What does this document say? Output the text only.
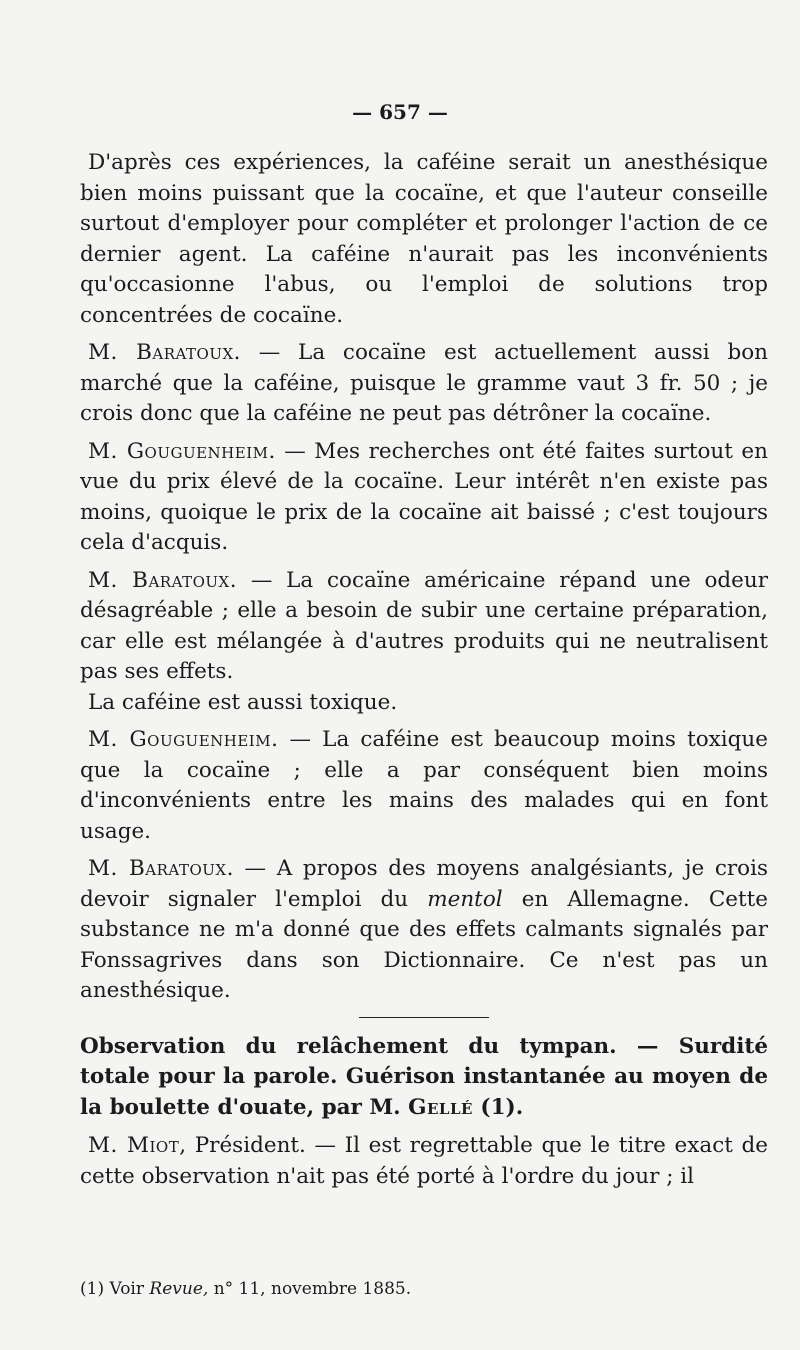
— 657 —

D'après ces expériences, la caféine serait un anesthésique bien moins puissant que la cocaïne, et que l'auteur conseille surtout d'employer pour compléter et prolonger l'action de ce dernier agent. La caféine n'aurait pas les inconvénients qu'occasionne l'abus, ou l'emploi de solutions trop concentrées de cocaïne.

M. Baratoux. — La cocaïne est actuellement aussi bon marché que la caféine, puisque le gramme vaut 3 fr. 50 ; je crois donc que la caféine ne peut pas détrôner la cocaïne.

M. Gouguenheim. — Mes recherches ont été faites surtout en vue du prix élevé de la cocaïne. Leur intérêt n'en existe pas moins, quoique le prix de la cocaïne ait baissé ; c'est toujours cela d'acquis.

M. Baratoux. — La cocaïne américaine répand une odeur désagréable ; elle a besoin de subir une certaine préparation, car elle est mélangée à d'autres produits qui ne neutralisent pas ses effets.

La caféine est aussi toxique.

M. Gouguenheim. — La caféine est beaucoup moins toxique que la cocaïne ; elle a par conséquent bien moins d'inconvénients entre les mains des malades qui en font usage.

M. Baratoux. — A propos des moyens analgésiants, je crois devoir signaler l'emploi du mentol en Allemagne. Cette substance ne m'a donné que des effets calmants signalés par Fonssagrives dans son Dictionnaire. Ce n'est pas un anesthésique.

Observation du relâchement du tympan. — Surdité totale pour la parole. Guérison instantanée au moyen de la boulette d'ouate, par M. Gellé (1).

M. Miot, Président. — Il est regrettable que le titre exact de cette observation n'ait pas été porté à l'ordre du jour ; il

(1) Voir Revue, n° 11, novembre 1885.
